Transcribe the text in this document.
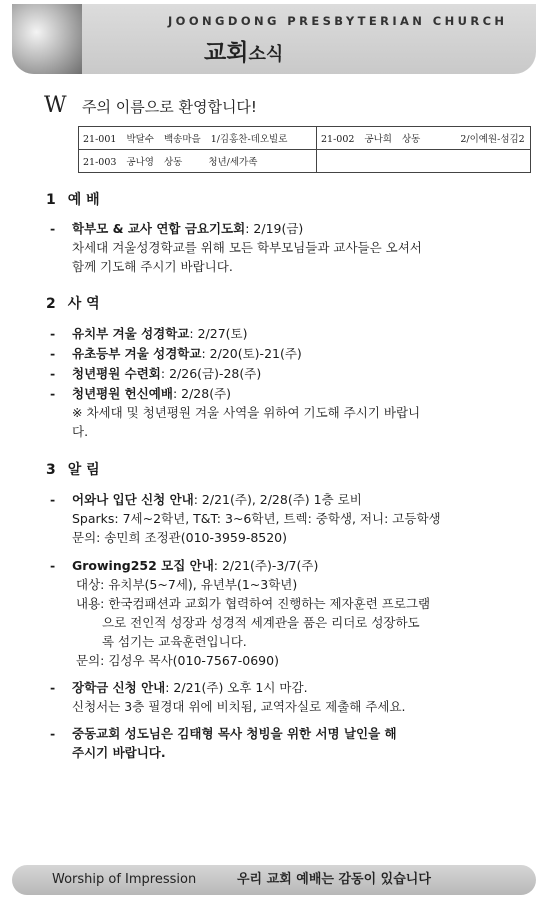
JOONGDONG PRESBYTERIAN CHURCH
교회소식
W 주의 이름으로 환영합니다!
21-001 박달수 백송마을 1/김홍찬-데오빌로	21-002 공나희 상동 2/이예원-섬김2
21-003 공나영 상동 청년/세가족	
1 예 배
- 학부모 & 교사 연합 금요기도회: 2/19(금)
차세대 겨울성경학교를 위해 모든 학부모님들과 교사들은 오셔서
함께 기도해 주시기 바랍니다.
2 사 역
- 유치부 겨울 성경학교: 2/27(토)
- 유초등부 겨울 성경학교: 2/20(토)-21(주)
- 청년평원 수련회: 2/26(금)-28(주)
- 청년평원 헌신예배: 2/28(주)
※ 차세대 및 청년평원 겨울 사역을 위하여 기도해 주시기 바랍니
다.
3 알 림
- 어와나 입단 신청 안내: 2/21(주), 2/28(주) 1층 로비
Sparks: 7세~2학년, T&T: 3~6학년, 트렉: 중학생, 저니: 고등학생
문의: 송민희 조정관(010-3959-8520)
- Growing252 모집 안내: 2/21(주)-3/7(주)
대상: 유치부(5~7세), 유년부(1~3학년)
내용: 한국컴패션과 교회가 협력하여 진행하는 제자훈련 프로그램
으로 전인적 성장과 성경적 세계관을 품은 리더로 성장하도
록 섬기는 교육훈련입니다.
문의: 김성우 목사(010-7567-0690)
- 장학금 신청 안내: 2/21(주) 오후 1시 마감.
신청서는 3층 필경대 위에 비치됨, 교역자실로 제출해 주세요.
- 중동교회 성도님은 김태형 목사 청빙을 위한 서명 날인을 해
주시기 바랍니다.
Worship of Impression	우리 교회 예배는 감동이 있습니다
